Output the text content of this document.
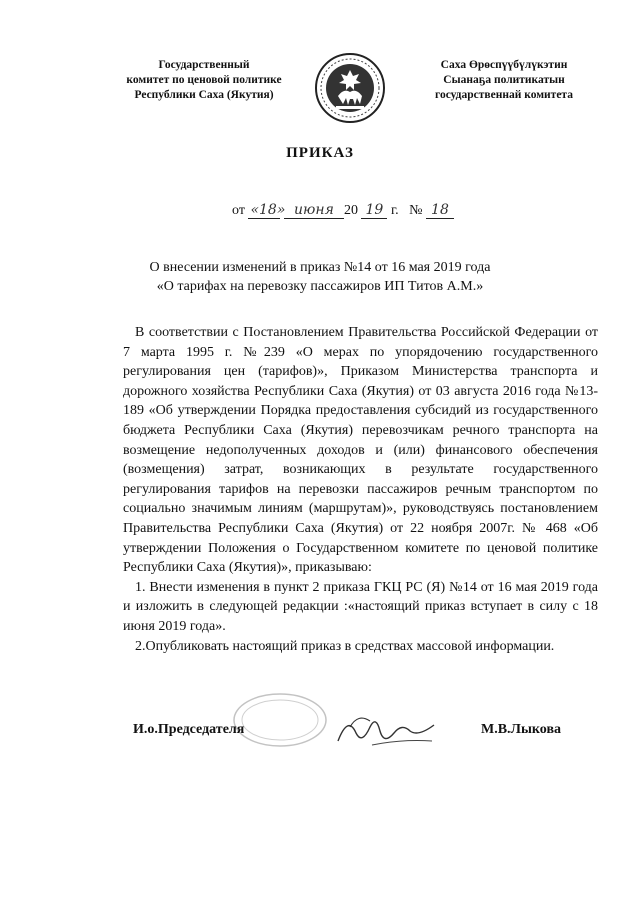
Государственный
комитет по ценовой политике
Республики Саха (Якутия)
Саха Өрөспүүбүлүкэтин
Сыанаҕа политикатын
государственнай комитета
ПРИКАЗ
от «18» июня 20 19 г. № 18
О внесении изменений в приказ №14 от 16 мая 2019 года
«О тарифах на перевозку пассажиров ИП Титов А.М.»

В соответствии с Постановлением Правительства Российской Федерации от 7 марта 1995 г. №239 «О мерах по упорядочению государственного регулирования цен (тарифов)», Приказом Министерства транспорта и дорожного хозяйства Республики Саха (Якутия) от 03 августа 2016 года №13-189 «Об утверждении Порядка предоставления субсидий из государственного бюджета Республики Саха (Якутия) перевозчикам речного транспорта на возмещение недополученных доходов и (или) финансового обеспечения (возмещения) затрат, возникающих в результате государственного регулирования тарифов на перевозки пассажиров речным транспортом по социально значимым линиям (маршрутам)», руководствуясь постановлением Правительства Республики Саха (Якутия) от 22 ноября 2007г. № 468 «Об утверждении Положения о Государственном комитете по ценовой политике Республики Саха (Якутия)», приказываю:

1. Внести изменения в пункт 2 приказа ГКЦ РС (Я) №14 от 16 мая 2019 года и изложить в следующей редакции :«настоящий приказ вступает в силу с 18 июня 2019 года».

2.Опубликовать настоящий приказ в средствах массовой информации.

И.о.Председателя	М.В.Лыкова
